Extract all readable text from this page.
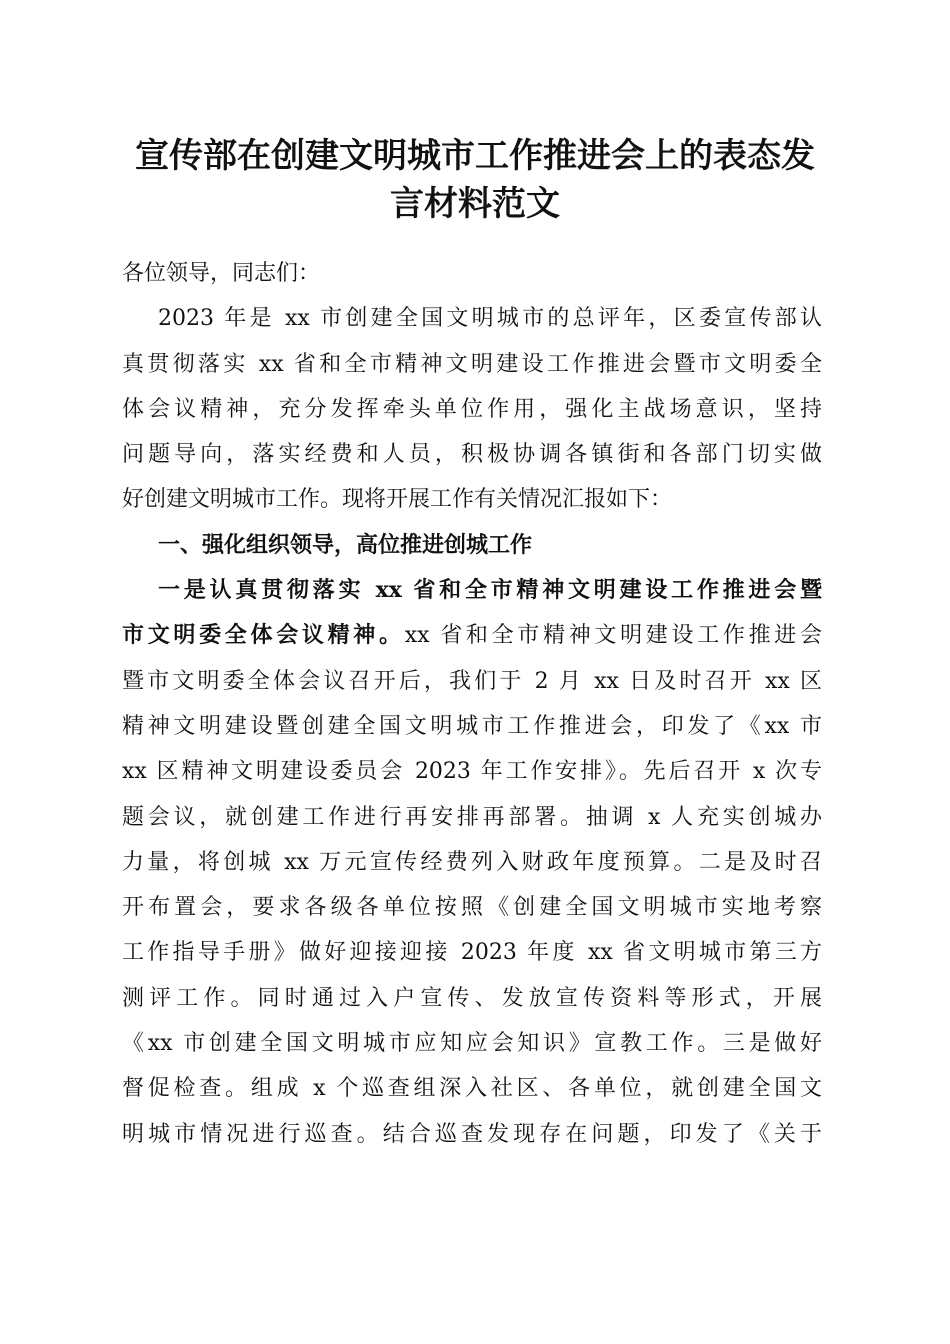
宣传部在创建文明城市工作推进会上的表态发
言材料范文
各位领导，同志们：
2023 年是 xx 市创建全国文明城市的总评年，区委宣传部认
真贯彻落实 xx 省和全市精神文明建设工作推进会暨市文明委全
体会议精神，充分发挥牵头单位作用，强化主战场意识，坚持
问题导向，落实经费和人员，积极协调各镇街和各部门切实做
好创建文明城市工作。现将开展工作有关情况汇报如下：
一、强化组织领导，高位推进创城工作
一是认真贯彻落实 xx 省和全市精神文明建设工作推进会暨
市文明委全体会议精神。xx 省和全市精神文明建设工作推进会
暨市文明委全体会议召开后，我们于 2 月 xx 日及时召开 xx 区
精神文明建设暨创建全国文明城市工作推进会，印发了《xx 市
xx 区精神文明建设委员会 2023 年工作安排》。先后召开 x 次专
题会议，就创建工作进行再安排再部署。抽调 x 人充实创城办
力量，将创城 xx 万元宣传经费列入财政年度预算。二是及时召
开布置会，要求各级各单位按照《创建全国文明城市实地考察
工作指导手册》做好迎接迎接 2023 年度 xx 省文明城市第三方
测评工作。同时通过入户宣传、发放宣传资料等形式，开展
《xx 市创建全国文明城市应知应会知识》宣教工作。三是做好
督促检查。组成 x 个巡查组深入社区、各单位，就创建全国文
明城市情况进行巡查。结合巡查发现存在问题，印发了《关于
